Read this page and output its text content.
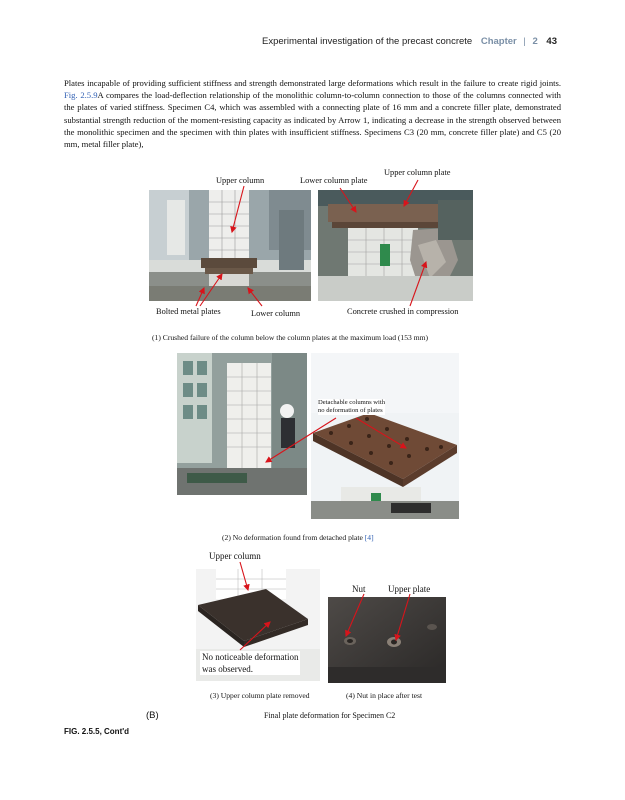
Experimental investigation of the precast concrete Chapter | 2 43

Plates incapable of providing sufficient stiffness and strength demonstrated large deformations which result in the failure to create rigid joints. Fig. 2.5.9A compares the load-deflection relationship of the monolithic column-to-column connection to those of the columns connected with the plates of varied stiffness. Specimen C4, which was assembled with a connecting plate of 16 mm and a concrete filler plate, demonstrated substantial strength reduction of the moment-resisting capacity as indicated by Arrow 1, indicating a decrease in the strength observed between the monolithic specimen and the specimen with thin plates with insufficient stiffness. Specimens C3 (20 mm, concrete filler plate) and C5 (20 mm, metal filler plate),

Upper column	Lower column plate
Upper column plate
Bolted metal plates	Lower column	Concrete crushed in compression
(1) Crushed failure of the column below the column plates at the maximum load (153 mm)
Detachable columns with
no deformation of plates
(2) No deformation found from detached plate [4]
Upper column
No noticeable deformation
was observed.
(3) Upper column plate removed
Nut	Upper plate
(4) Nut in place after test
(B)	Final plate deformation for Specimen C2
FIG. 2.5.5, Cont'd
